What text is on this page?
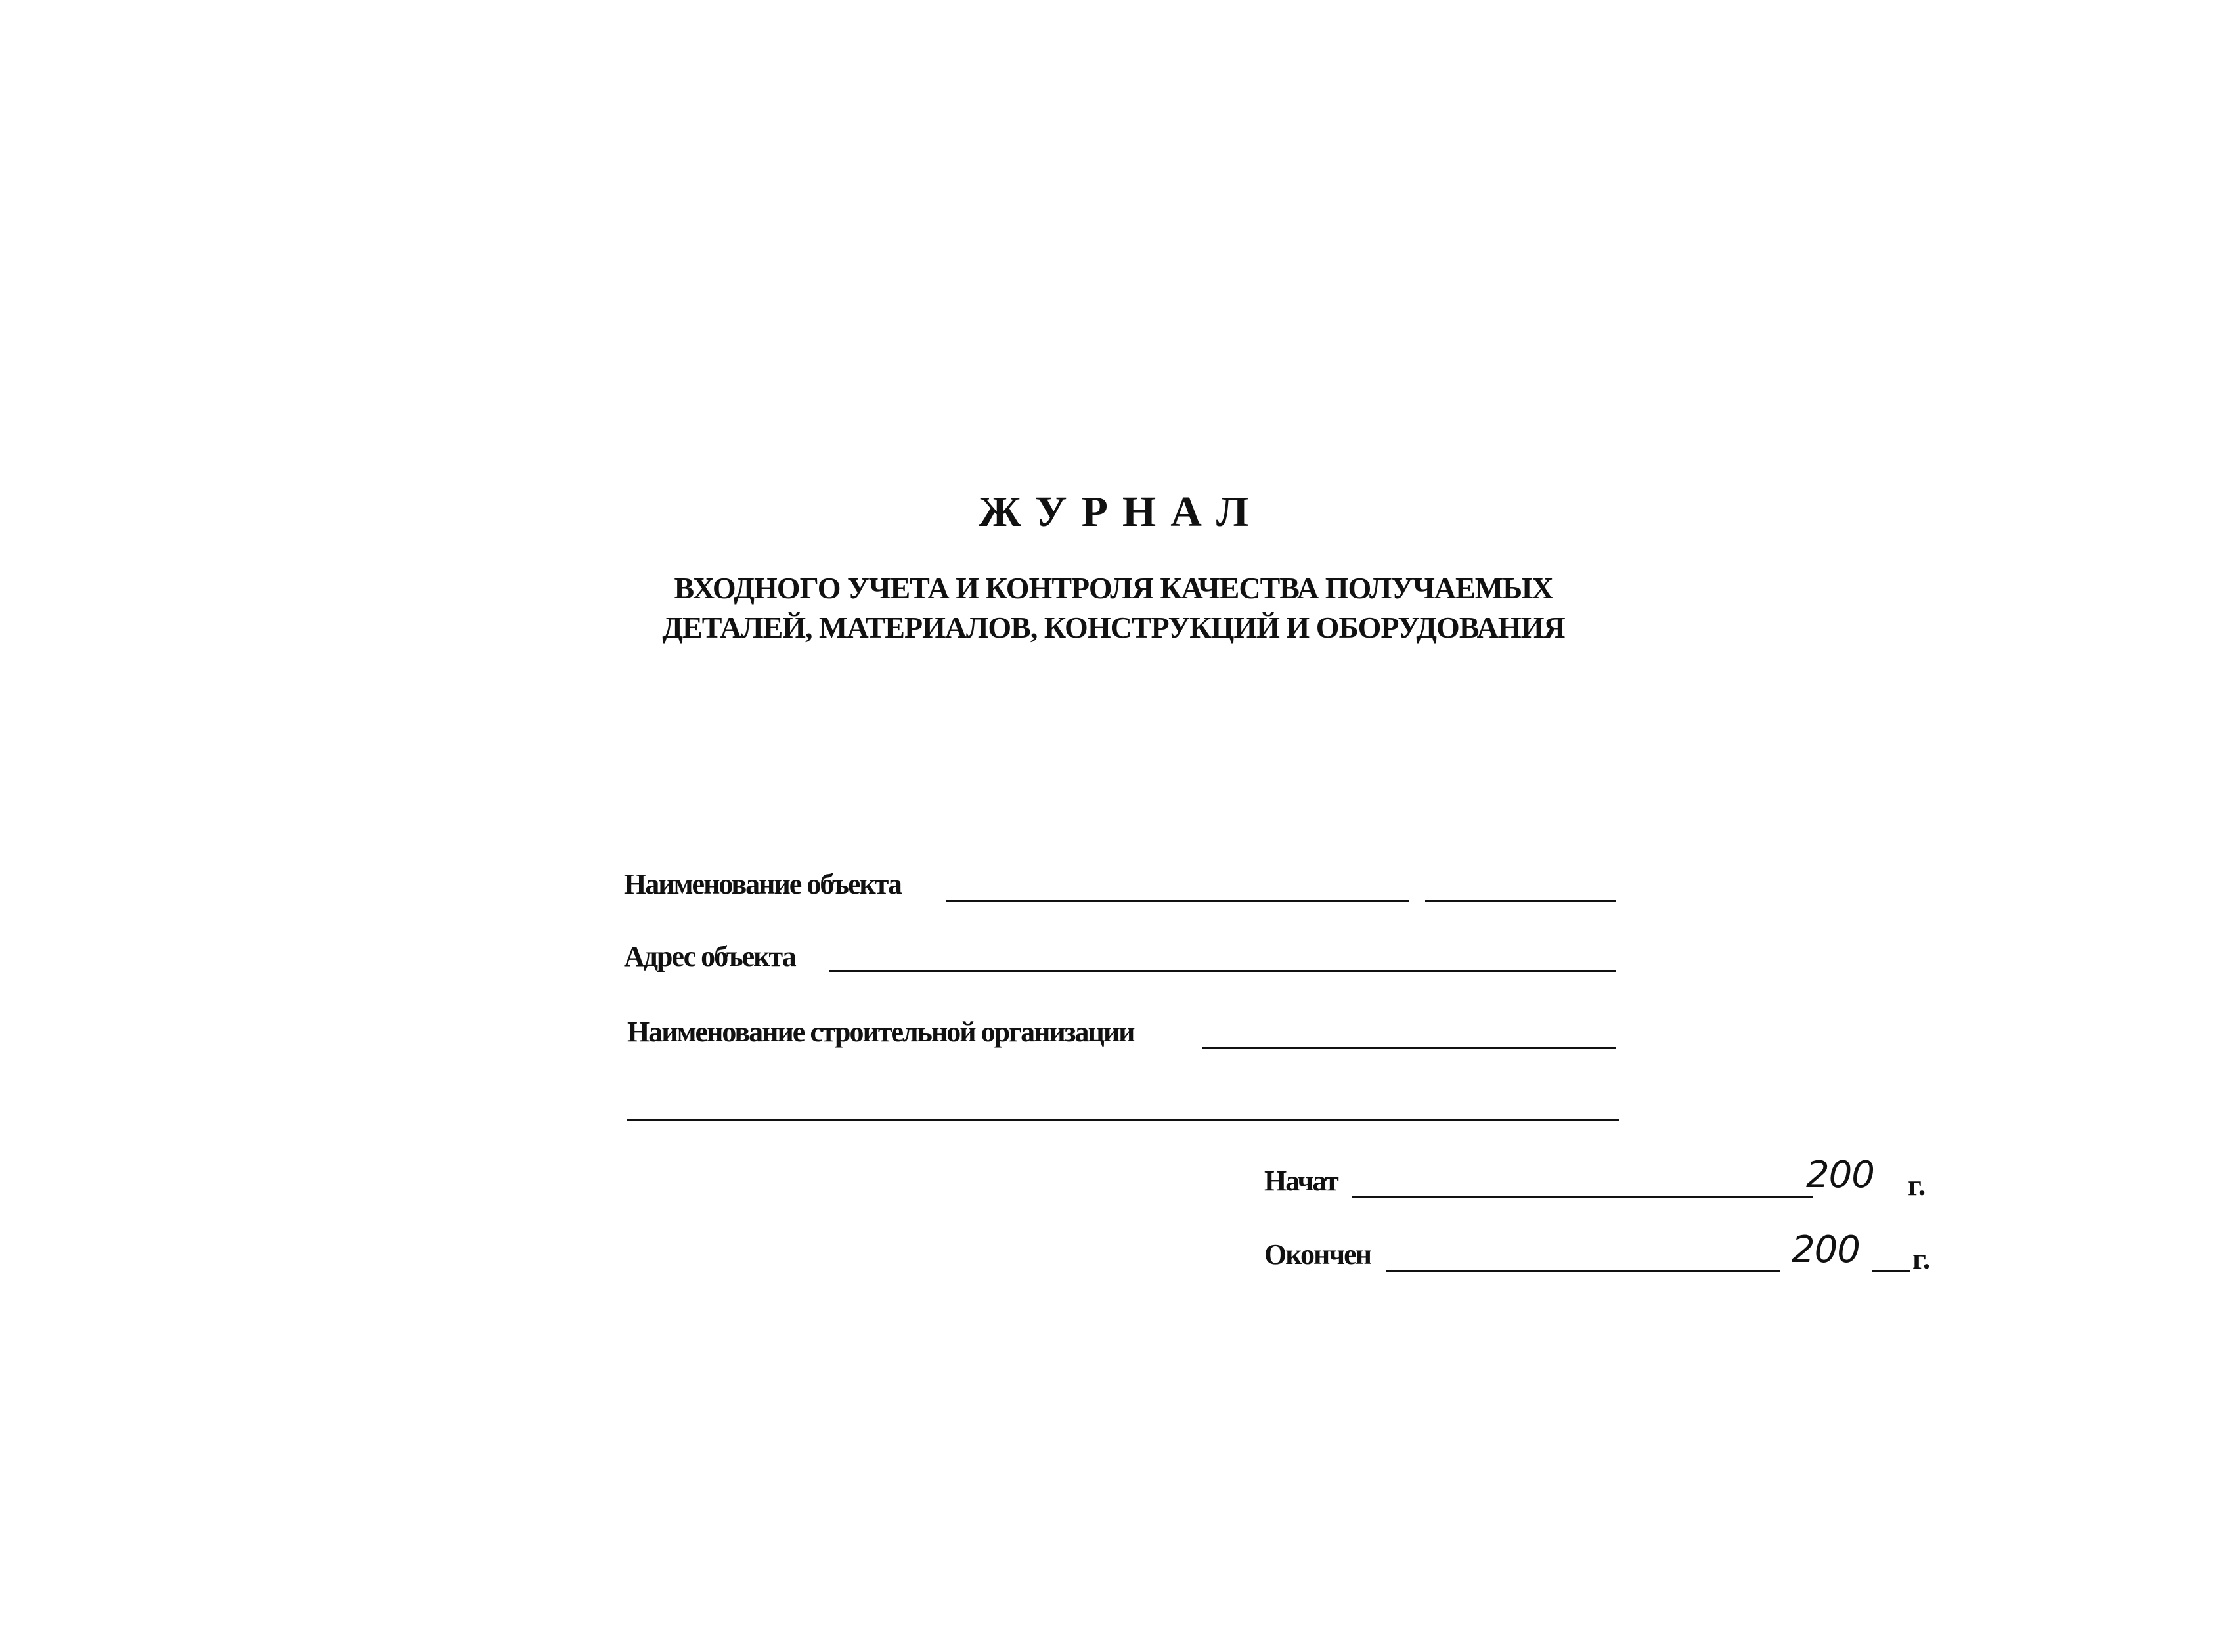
ЖУРНАЛ
ВХОДНОГО УЧЕТА И КОНТРОЛЯ КАЧЕСТВА ПОЛУЧАЕМЫХ
ДЕТАЛЕЙ, МАТЕРИАЛОВ, КОНСТРУКЦИЙ И ОБОРУДОВАНИЯ
Наименование объекта
Адрес объекта
Наименование строительной организации
Начат	200 г.
Окончен	200 г.
